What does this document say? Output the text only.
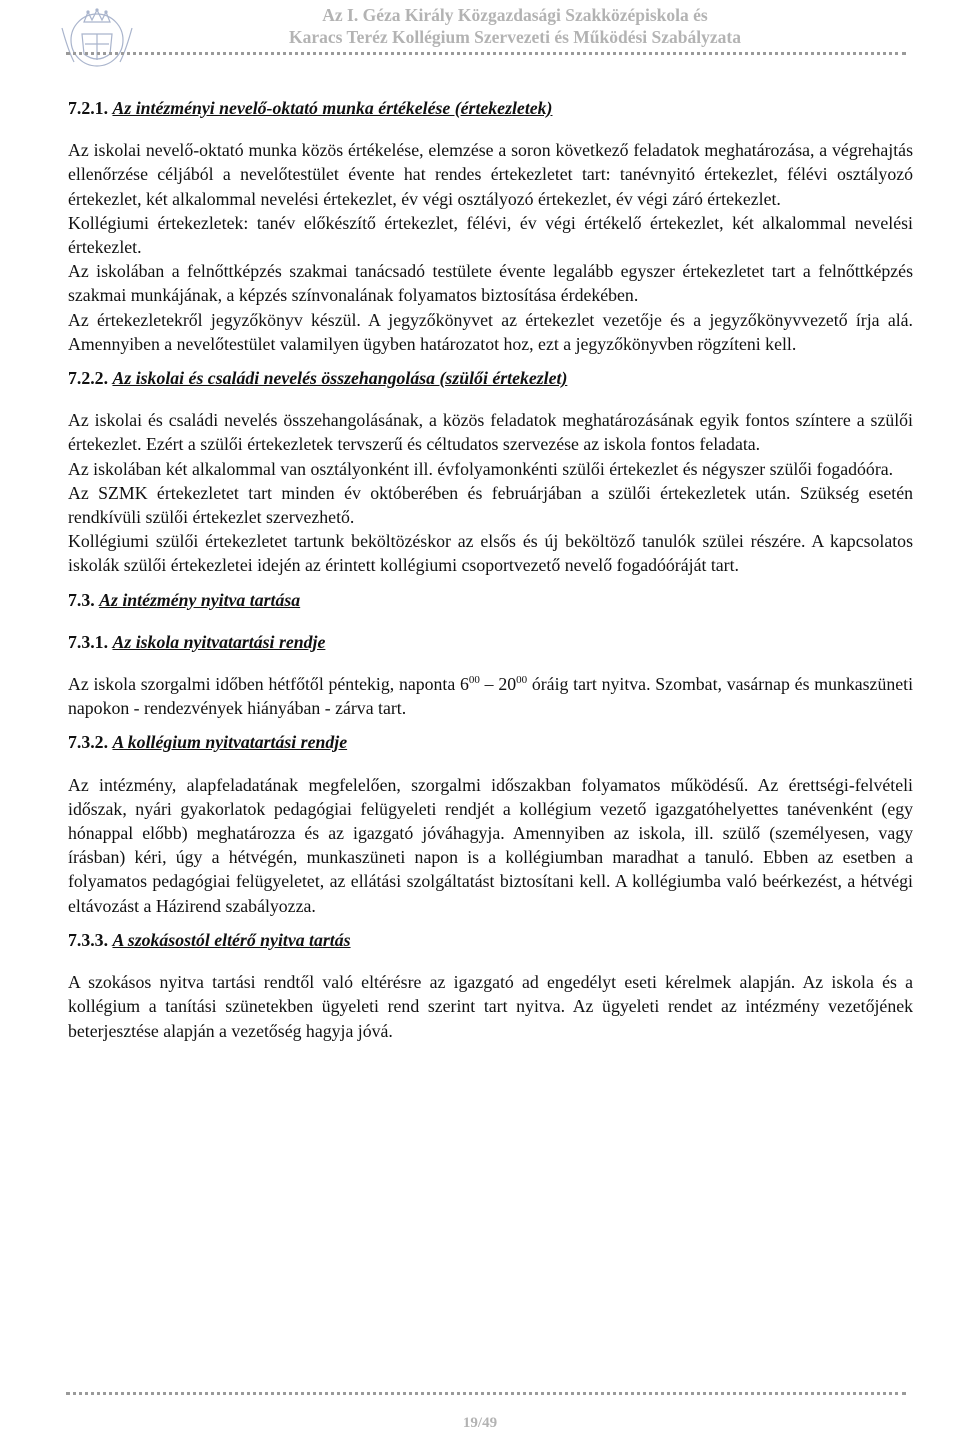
Az I. Géza Király Közgazdasági Szakközépiskola és
Karacs Teréz Kollégium Szervezeti és Működési Szabályzata
7.2.1. Az intézményi nevelő-oktató munka értékelése (értekezletek)

Az iskolai nevelő-oktató munka közös értékelése, elemzése a soron következő feladatok meghatározása, a végrehajtás ellenőrzése céljából a nevelőtestület évente hat rendes értekezletet tart: tanévnyitó értekezlet, félévi osztályozó értekezlet, két alkalommal nevelési értekezlet, év végi osztályozó értekezlet, év végi záró értekezlet.

Kollégiumi értekezletek: tanév előkészítő értekezlet, félévi, év végi értékelő értekezlet, két alkalommal nevelési értekezlet.

Az iskolában a felnőttképzés szakmai tanácsadó testülete évente legalább egyszer értekezletet tart a felnőttképzés szakmai munkájának, a képzés színvonalának folyamatos biztosítása érdekében.

Az értekezletekről jegyzőkönyv készül. A jegyzőkönyvet az értekezlet vezetője és a jegyzőkönyvvezető írja alá. Amennyiben a nevelőtestület valamilyen ügyben határozatot hoz, ezt a jegyzőkönyvben rögzíteni kell.

7.2.2. Az iskolai és családi nevelés összehangolása (szülői értekezlet)

Az iskolai és családi nevelés összehangolásának, a közös feladatok meghatározásának egyik fontos színtere a szülői értekezlet. Ezért a szülői értekezletek tervszerű és céltudatos szervezése az iskola fontos feladata.

Az iskolában két alkalommal van osztályonként ill. évfolyamonkénti szülői értekezlet és négyszer szülői fogadóóra.

Az SZMK értekezletet tart minden év októberében és februárjában a szülői értekezletek után. Szükség esetén rendkívüli szülői értekezlet szervezhető.

Kollégiumi szülői értekezletet tartunk beköltözéskor az elsős és új beköltöző tanulók szülei részére. A kapcsolatos iskolák szülői értekezletei idején az érintett kollégiumi csoportvezető nevelő fogadóóráját tart.

7.3. Az intézmény nyitva tartása
7.3.1. Az iskola nyitvatartási rendje

Az iskola szorgalmi időben hétfőtől péntekig, naponta $6^{00} - 20^{00}$ óráig tart nyitva. Szombat, vasárnap és munkaszüneti napokon - rendezvények hiányában - zárva tart.

7.3.2. A kollégium nyitvatartási rendje

Az intézmény, alapfeladatának megfelelően, szorgalmi időszakban folyamatos működésű. Az érettségi-felvételi időszak, nyári gyakorlatok pedagógiai felügyeleti rendjét a kollégium vezető igazgatóhelyettes tanévenként (egy hónappal előbb) meghatározza és az igazgató jóváhagyja. Amennyiben az iskola, ill. szülő (személyesen, vagy írásban) kéri, úgy a hétvégén, munkaszüneti napon is a kollégiumban maradhat a tanuló. Ebben az esetben a folyamatos pedagógiai felügyeletet, az ellátási szolgáltatást biztosítani kell. A kollégiumba való beérkezést, a hétvégi eltávozást a Házirend szabályozza.

7.3.3. A szokásostól eltérő nyitva tartás

A szokásos nyitva tartási rendtől való eltérésre az igazgató ad engedélyt eseti kérelmek alapján. Az iskola és a kollégium a tanítási szünetekben ügyeleti rend szerint tart nyitva. Az ügyeleti rendet az intézmény vezetőjének beterjesztése alapján a vezetőség hagyja jóvá.

19/49
